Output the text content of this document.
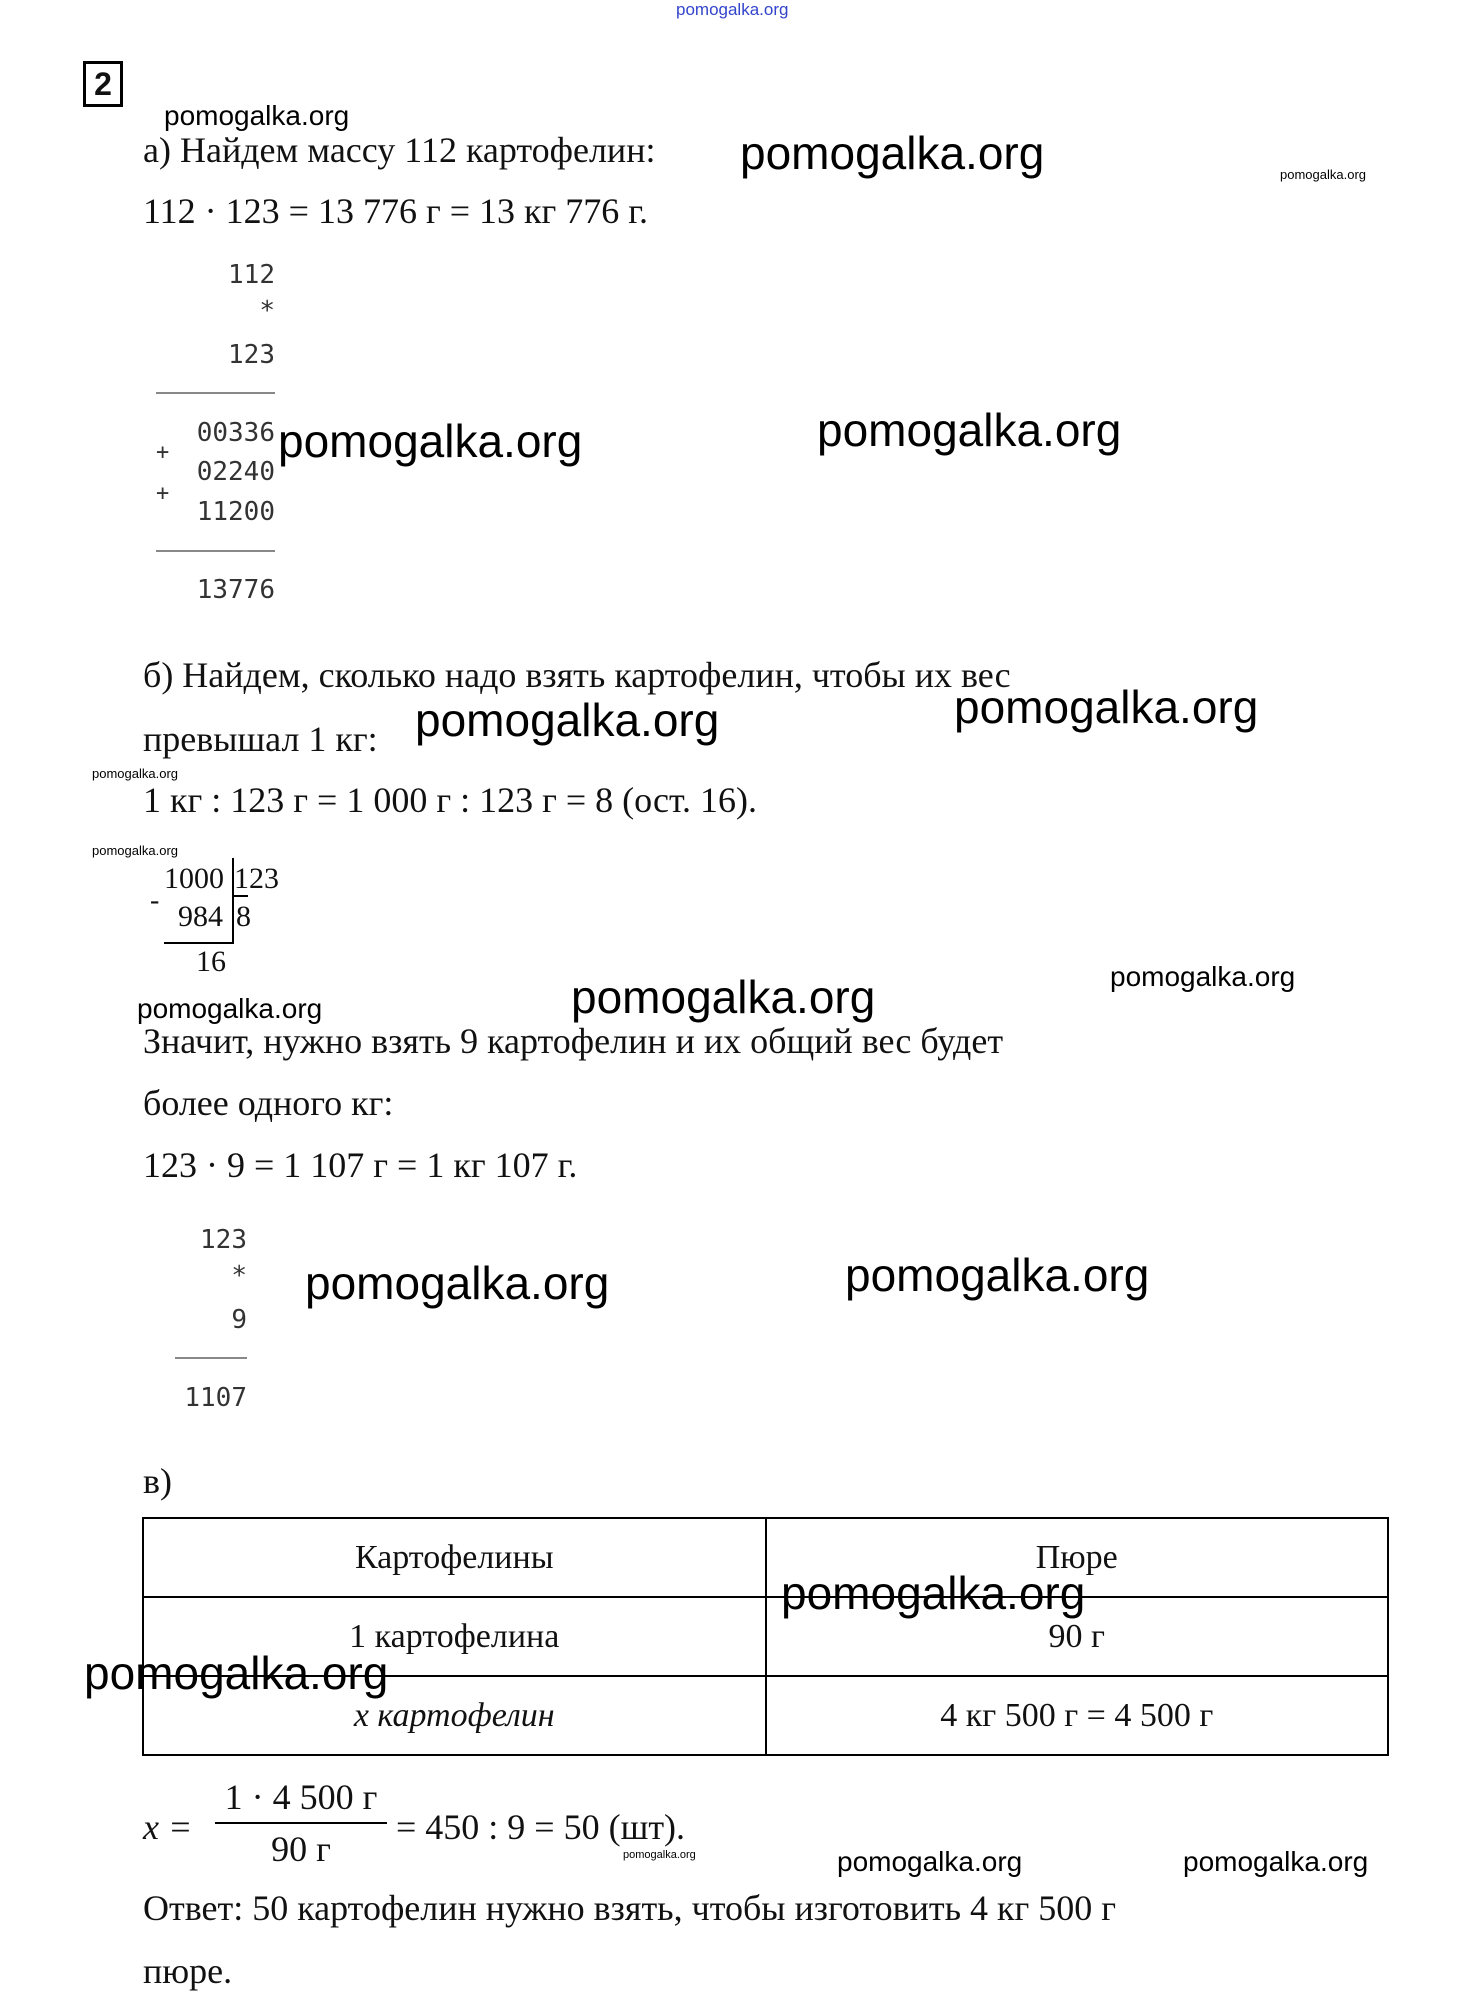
pomogalka.org
2
а) Найдем массу 112 картофелин:
112 · 123 = 13 776 г = 13 кг 776 г.
112
*
123
00336
+
02240
+
11200
13776
б) Найдем, сколько надо взять картофелин, чтобы их вес
превышал 1 кг:
1 кг : 123 г = 1 000 г : 123 г = 8 (ост. 16).
1000 123
- 984 8
16
Значит, нужно взять 9 картофелин и их общий вес будет
более одного кг:
123 · 9 = 1 107 г = 1 кг 107 г.
123
*
9
1107
в)
Картофелины	Пюре
1 картофелина	90 г
x картофелин	4 кг 500 г = 4 500 г
x =
1 · 4 500 г
90 г
= 450 : 9 = 50 (шт).
Ответ: 50 картофелин нужно взять, чтобы изготовить 4 кг 500 г
пюре.
pomogalka.org
pomogalka.org	pomogalka.org
pomogalka.org	pomogalka.org
pomogalka.org	pomogalka.org
pomogalka.org
pomogalka.org
pomogalka.org	pomogalka.org	pomogalka.org
pomogalka.org	pomogalka.org
pomogalka.org
pomogalka.org
pomogalka.org	pomogalka.org	pomogalka.org
